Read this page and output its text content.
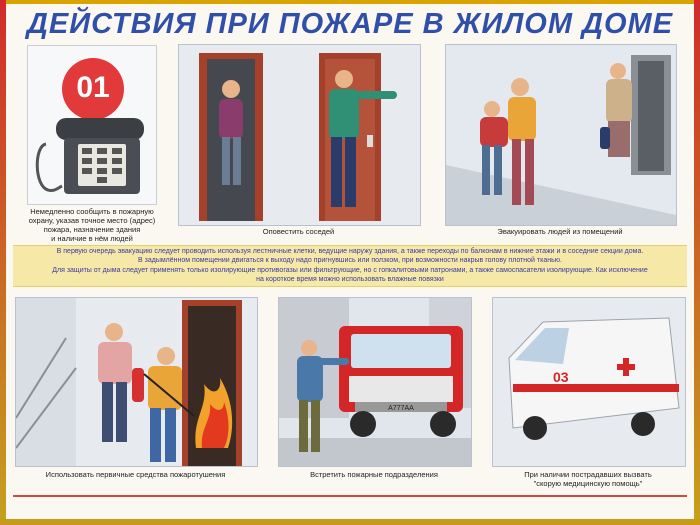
ДЕЙСТВИЯ ПРИ ПОЖАРЕ В ЖИЛОМ ДОМЕ
01
Немедленно сообщить в пожарную
охрану, указав точное место (адрес)
пожара, назначение здания
и наличие в нём людей
Оповестить соседей	Эвакуировать людей из помещений

В первую очередь эвакуацию следует проводить используя лестничные клетки, ведущие наружу здания, а также переходы по балконам в нижние этажи и в соседние секции дома.

В задымлённом помещении двигаться к выходу надо пригнувшись или ползком, при возможности накрыв голову плотной тканью.

Для защиты от дыма следует применять только изолирующие противогазы или фильтрующие, но с гопкалитовыми патронами, а также самоспасатели изолирующие. Как исключение

на короткое время можно использовать влажные повязки

Использовать первичные средства пожаротушения
A777AA
Встретить пожарные подразделения
03
При наличии пострадавших вызвать
"скорую медицинскую помощь"
